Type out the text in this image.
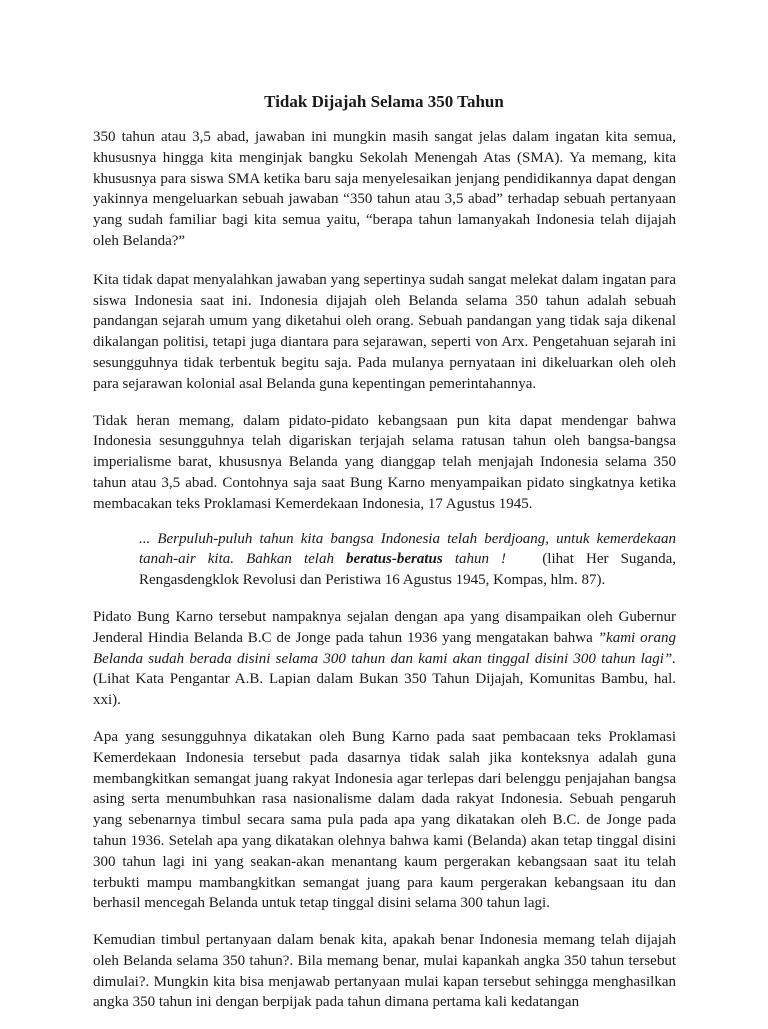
Tidak Dijajah Selama 350 Tahun

350 tahun atau 3,5 abad, jawaban ini mungkin masih sangat jelas dalam ingatan kita semua, khususnya hingga kita menginjak bangku Sekolah Menengah Atas (SMA). Ya memang, kita khususnya para siswa SMA ketika baru saja menyelesaikan jenjang pendidikannya dapat dengan yakinnya mengeluarkan sebuah jawaban “350 tahun atau 3,5 abad” terhadap sebuah pertanyaan yang sudah familiar bagi kita semua yaitu, “berapa tahun lamanyakah Indonesia telah dijajah oleh Belanda?”

Kita tidak dapat menyalahkan jawaban yang sepertinya sudah sangat melekat dalam ingatan para siswa Indonesia saat ini. Indonesia dijajah oleh Belanda selama 350 tahun adalah sebuah pandangan sejarah umum yang diketahui oleh orang. Sebuah pandangan yang tidak saja dikenal dikalangan politisi, tetapi juga diantara para sejarawan, seperti von Arx. Pengetahuan sejarah ini sesungguhnya tidak terbentuk begitu saja. Pada mulanya pernyataan ini dikeluarkan oleh oleh para sejarawan kolonial asal Belanda guna kepentingan pemerintahannya.

Tidak heran memang, dalam pidato-pidato kebangsaan pun kita dapat mendengar bahwa Indonesia sesungguhnya telah digariskan terjajah selama ratusan tahun oleh bangsa-bangsa imperialisme barat, khususnya Belanda yang dianggap telah menjajah Indonesia selama 350 tahun atau 3,5 abad. Contohnya saja saat Bung Karno menyampaikan pidato singkatnya ketika membacakan teks Proklamasi Kemerdekaan Indonesia, 17 Agustus 1945.

... Berpuluh-puluh tahun kita bangsa Indonesia telah berdjoang, untuk kemerdekaan tanah-air kita. Bahkan telah beratus-beratus tahun ! (lihat Her Suganda, Rengasdengklok Revolusi dan Peristiwa 16 Agustus 1945, Kompas, hlm. 87).

Pidato Bung Karno tersebut nampaknya sejalan dengan apa yang disampaikan oleh Gubernur Jenderal Hindia Belanda B.C de Jonge pada tahun 1936 yang mengatakan bahwa ”kami orang Belanda sudah berada disini selama 300 tahun dan kami akan tinggal disini 300 tahun lagi”. (Lihat Kata Pengantar A.B. Lapian dalam Bukan 350 Tahun Dijajah, Komunitas Bambu, hal. xxi).

Apa yang sesungguhnya dikatakan oleh Bung Karno pada saat pembacaan teks Proklamasi Kemerdekaan Indonesia tersebut pada dasarnya tidak salah jika konteksnya adalah guna membangkitkan semangat juang rakyat Indonesia agar terlepas dari belenggu penjajahan bangsa asing serta menumbuhkan rasa nasionalisme dalam dada rakyat Indonesia. Sebuah pengaruh yang sebenarnya timbul secara sama pula pada apa yang dikatakan oleh B.C. de Jonge pada tahun 1936. Setelah apa yang dikatakan olehnya bahwa kami (Belanda) akan tetap tinggal disini 300 tahun lagi ini yang seakan-akan menantang kaum pergerakan kebangsaan saat itu telah terbukti mampu mambangkitkan semangat juang para kaum pergerakan kebangsaan itu dan berhasil mencegah Belanda untuk tetap tinggal disini selama 300 tahun lagi.

Kemudian timbul pertanyaan dalam benak kita, apakah benar Indonesia memang telah dijajah oleh Belanda selama 350 tahun?. Bila memang benar, mulai kapankah angka 350 tahun tersebut dimulai?. Mungkin kita bisa menjawab pertanyaan mulai kapan tersebut sehingga menghasilkan angka 350 tahun ini dengan berpijak pada tahun dimana pertama kali kedatangan
